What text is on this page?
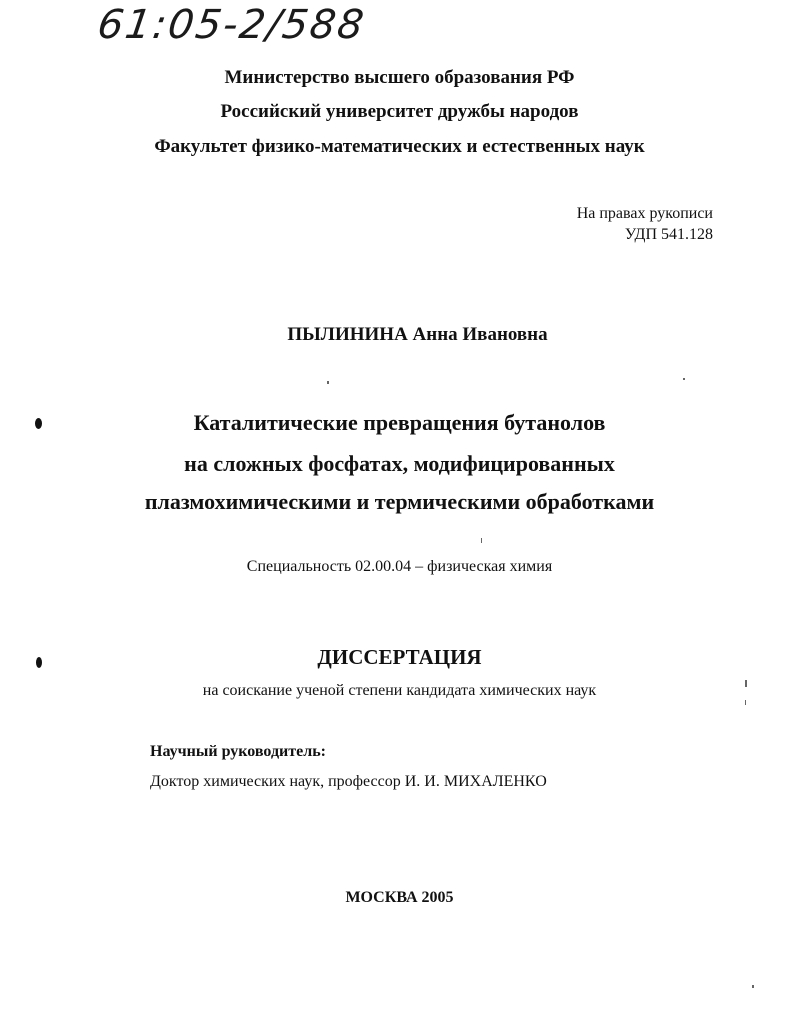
61:05-2/588
Министерство высшего образования РФ
Российский университет дружбы народов
Факультет физико-математических и естественных наук
На правах рукописи
УДП 541.128
ПЫЛИНИНА Анна Ивановна
Каталитические превращения бутанолов
на сложных фосфатах, модифицированных
плазмохимическими и термическими обработками
Специальность 02.00.04 – физическая химия
ДИССЕРТАЦИЯ
на соискание ученой степени кандидата химических наук
Научный руководитель:
Доктор химических наук, профессор И. И. МИХАЛЕНКО
МОСКВА 2005
